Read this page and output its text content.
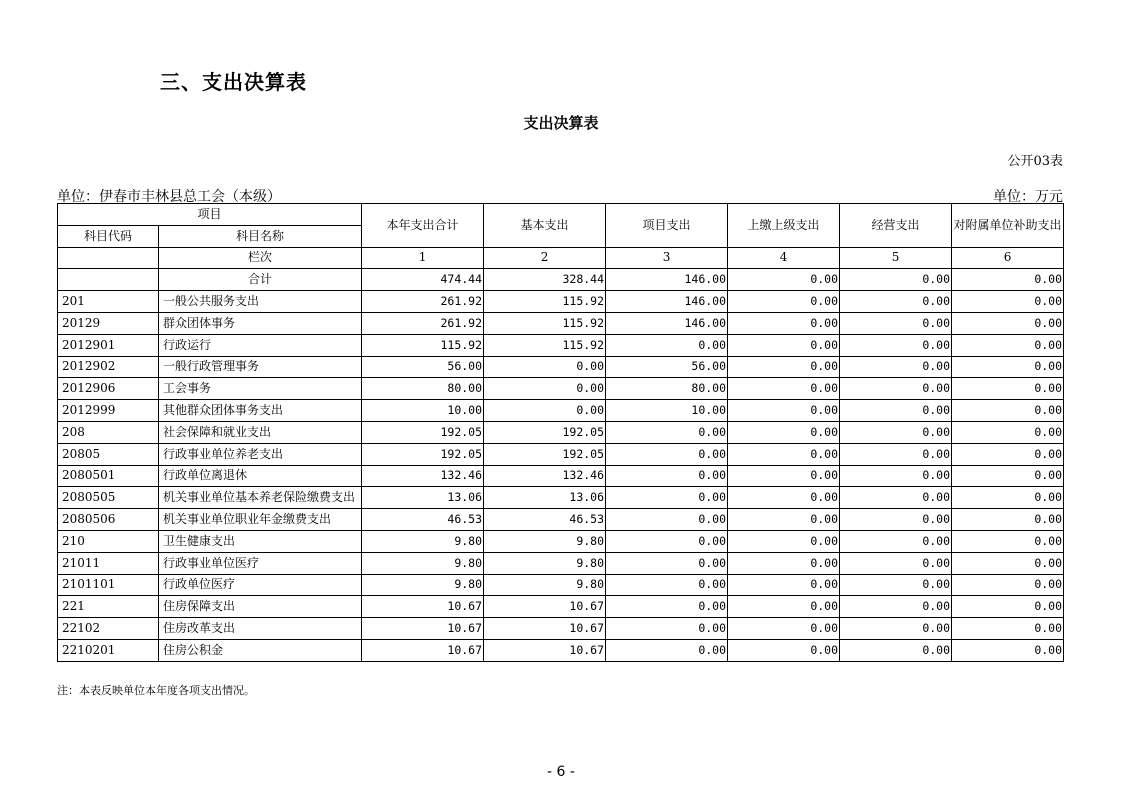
三、支出决算表
支出决算表
公开03表
单位：伊春市丰林县总工会（本级）	单位：万元
项目		本年支出合计	基本支出	项目支出	上缴上级支出	经营支出	对附属单位补助支出
科目代码	科目名称						
	栏次	1	2	3	4	5	6
	合计	474.44	328.44	146.00	0.00	0.00	0.00
201	一般公共服务支出	261.92	115.92	146.00	0.00	0.00	0.00
20129	群众团体事务	261.92	115.92	146.00	0.00	0.00	0.00
2012901	行政运行	115.92	115.92	0.00	0.00	0.00	0.00
2012902	一般行政管理事务	56.00	0.00	56.00	0.00	0.00	0.00
2012906	工会事务	80.00	0.00	80.00	0.00	0.00	0.00
2012999	其他群众团体事务支出	10.00	0.00	10.00	0.00	0.00	0.00
208	社会保障和就业支出	192.05	192.05	0.00	0.00	0.00	0.00
20805	行政事业单位养老支出	192.05	192.05	0.00	0.00	0.00	0.00
2080501	行政单位离退休	132.46	132.46	0.00	0.00	0.00	0.00
2080505	机关事业单位基本养老保险缴费支出	13.06	13.06	0.00	0.00	0.00	0.00
2080506	机关事业单位职业年金缴费支出	46.53	46.53	0.00	0.00	0.00	0.00
210	卫生健康支出	9.80	9.80	0.00	0.00	0.00	0.00
21011	行政事业单位医疗	9.80	9.80	0.00	0.00	0.00	0.00
2101101	行政单位医疗	9.80	9.80	0.00	0.00	0.00	0.00
221	住房保障支出	10.67	10.67	0.00	0.00	0.00	0.00
22102	住房改革支出	10.67	10.67	0.00	0.00	0.00	0.00
2210201	住房公积金	10.67	10.67	0.00	0.00	0.00	0.00
注：本表反映单位本年度各项支出情况。
- 6 -
